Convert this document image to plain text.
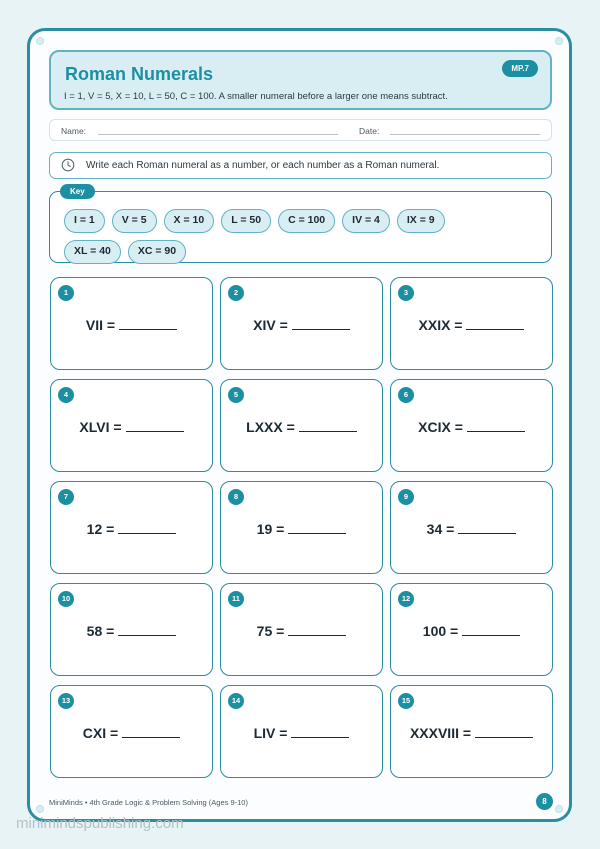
Roman Numerals
I = 1, V = 5, X = 10, L = 50, C = 100. A smaller numeral before a larger one means subtract.
MP.7
Name:	Date:
Write each Roman numeral as a number, or each number as a Roman numeral.
Key
I = 1	V = 5	X = 10	L = 50	C = 100	IV = 4	IX = 9
XL = 40	XC = 90
1
VII =
2
XIV =
3
XXIX =
4
XLVI =
5
LXXX =
6
XCIX =
7
12 =
8
19 =
9
34 =
10
58 =
11
75 =
12
100 =
13
CXI =
14
LIV =
15
XXXVIII =
MiniMinds • 4th Grade Logic & Problem Solving (Ages 9-10)	8
minimindspublishing.com
